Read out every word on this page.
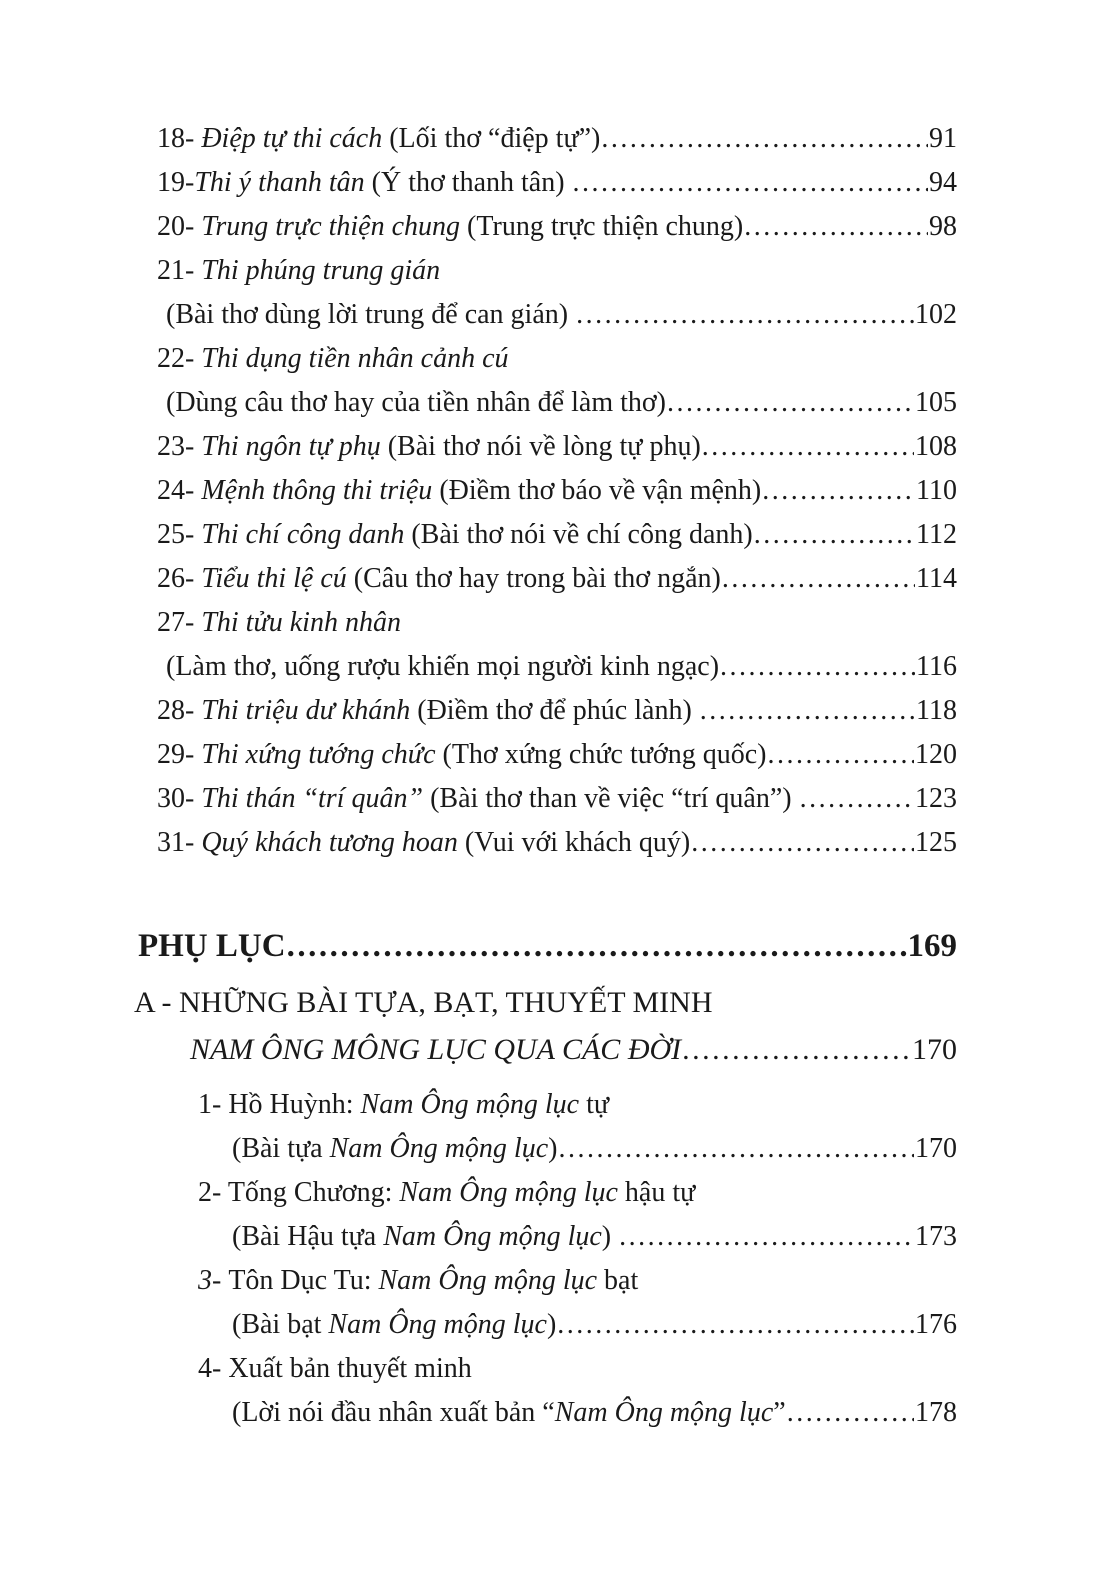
18- Điệp tự thi cách (Lối thơ “điệp tự”) .....	91
19- Thi ý thanh tân (Ý thơ thanh tân) .....	94
20- Trung trực thiện chung (Trung trực thiện chung) .....	98
21- Thi phúng trung gián
(Bài thơ dùng lời trung để can gián) .....	102
22- Thi dụng tiền nhân cảnh cú
(Dùng câu thơ hay của tiền nhân để làm thơ) .....	105
23- Thi ngôn tự phụ (Bài thơ nói về lòng tự phụ) .....	108
24- Mệnh thông thi triệu (Điềm thơ báo về vận mệnh) .....	110
25- Thi chí công danh (Bài thơ nói về chí công danh) .....	112
26- Tiểu thi lệ cú (Câu thơ hay trong bài thơ ngắn) .....	114
27- Thi tửu kinh nhân
(Làm thơ, uống rượu khiến mọi người kinh ngạc) .....	116
28- Thi triệu dư khánh (Điềm thơ để phúc lành) .....	118
29- Thi xứng tướng chức (Thơ xứng chức tướng quốc) .....	120
30- Thi thán “trí quân” (Bài thơ than về việc “trí quân”) .....	123
31- Quý khách tương hoan (Vui với khách quý) .....	125
PHỤ LỤC .....	169
A - NHỮNG BÀI TỰA, BẠT, THUYẾT MINH
NAM ÔNG MÔNG LỤC QUA CÁC ĐỜI .....	170
1- Hồ Huỳnh: Nam Ông mộng lục tự
(Bài tựa Nam Ông mộng lục ) .....	170
2- Tống Chương: Nam Ông mộng lục hậu tự
(Bài Hậu tựa Nam Ông mộng lục ) .....	173
3- Tôn Dục Tu: Nam Ông mộng lục bạt
(Bài bạt Nam Ông mộng lục ) .....	176
4- Xuất bản thuyết minh
(Lời nói đầu nhân xuất bản “ Nam Ông mộng lục ” .....	178
